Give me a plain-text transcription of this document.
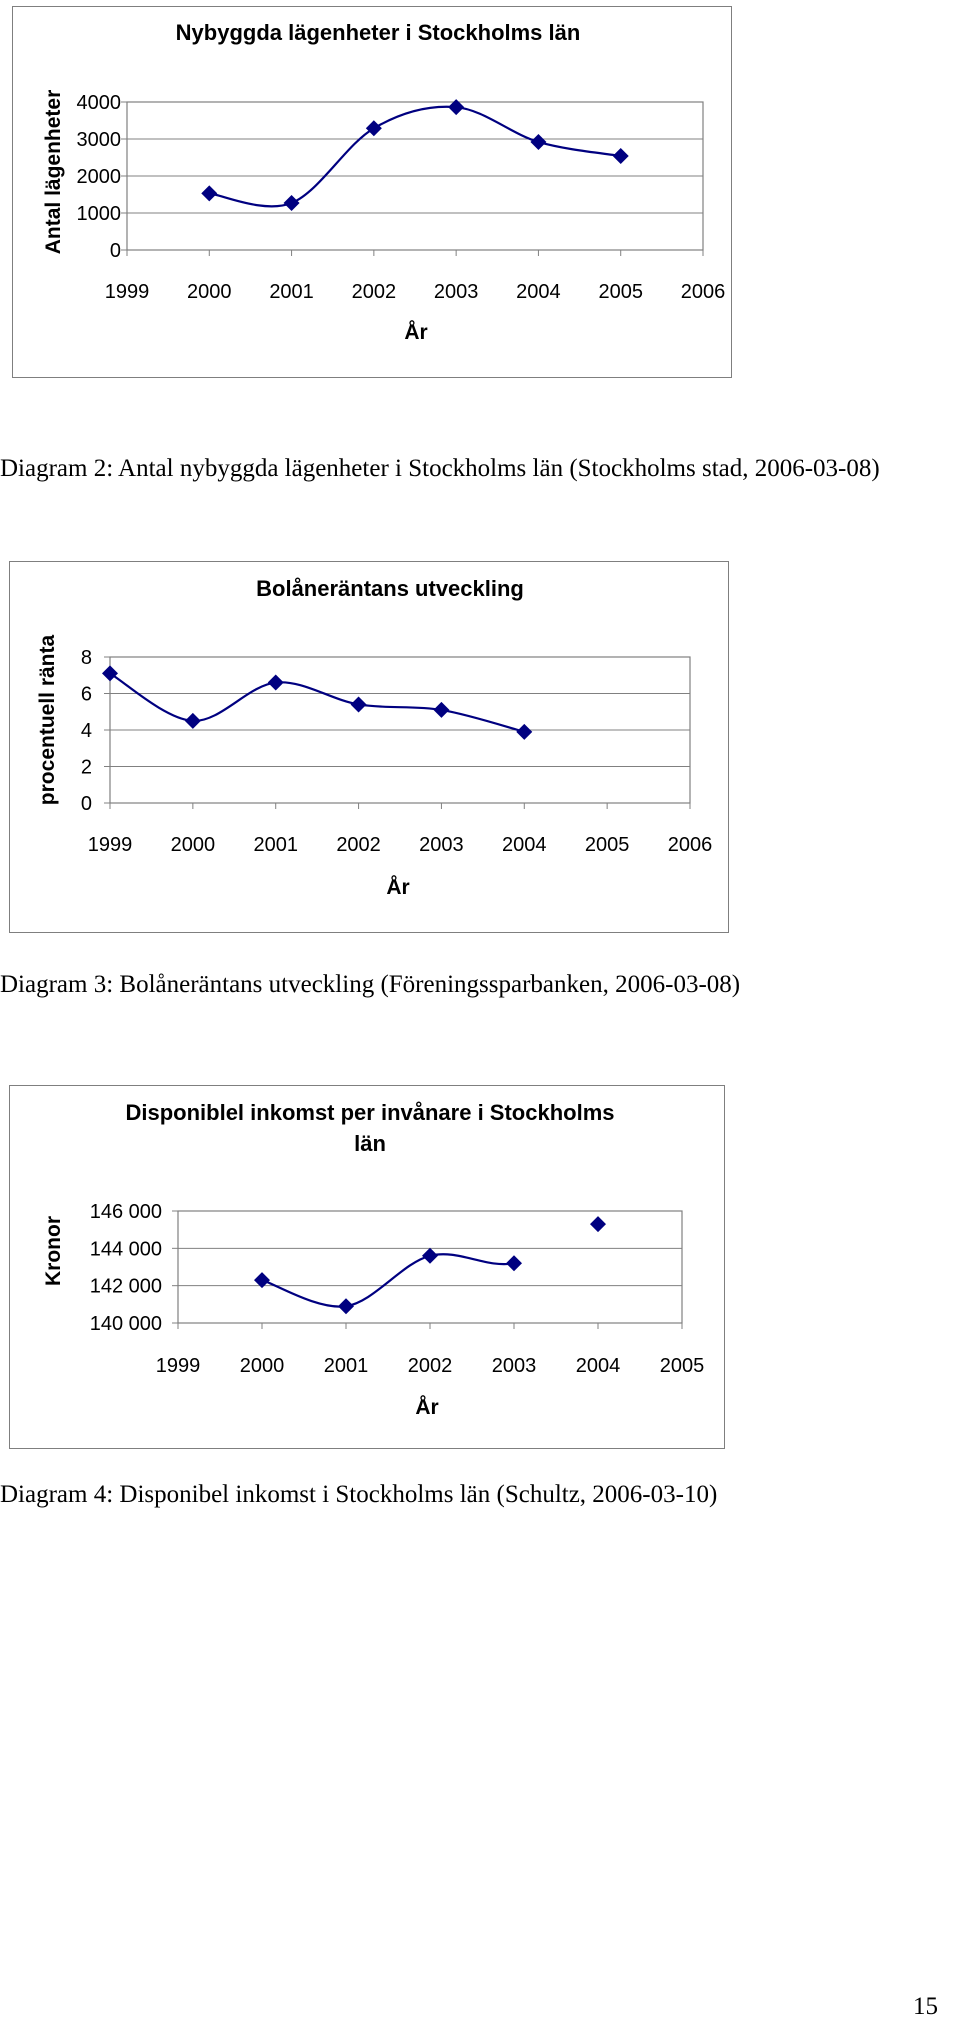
Nybyggda lägenheter i Stockholms län
Antal lägenheter
År
4000
3000
2000
1000
0
1999 2000 2001 2002 2003 2004 2005 2006
Diagram 2: Antal nybyggda lägenheter i Stockholms län (Stockholms stad, 2006-03-08)
Bolåneräntans utveckling
procentuell ränta
År
8
6
4
2
0
1999 2000 2001 2002 2003 2004 2005 2006
Diagram 3: Bolåneräntans utveckling (Föreningssparbanken, 2006-03-08)
Disponiblel inkomst per invånare i Stockholms län
Kronor
År
146 000
144 000
142 000
140 000
1999 2000 2001 2002 2003 2004 2005
Diagram 4: Disponibel inkomst i Stockholms län (Schultz, 2006-03-10)
15
